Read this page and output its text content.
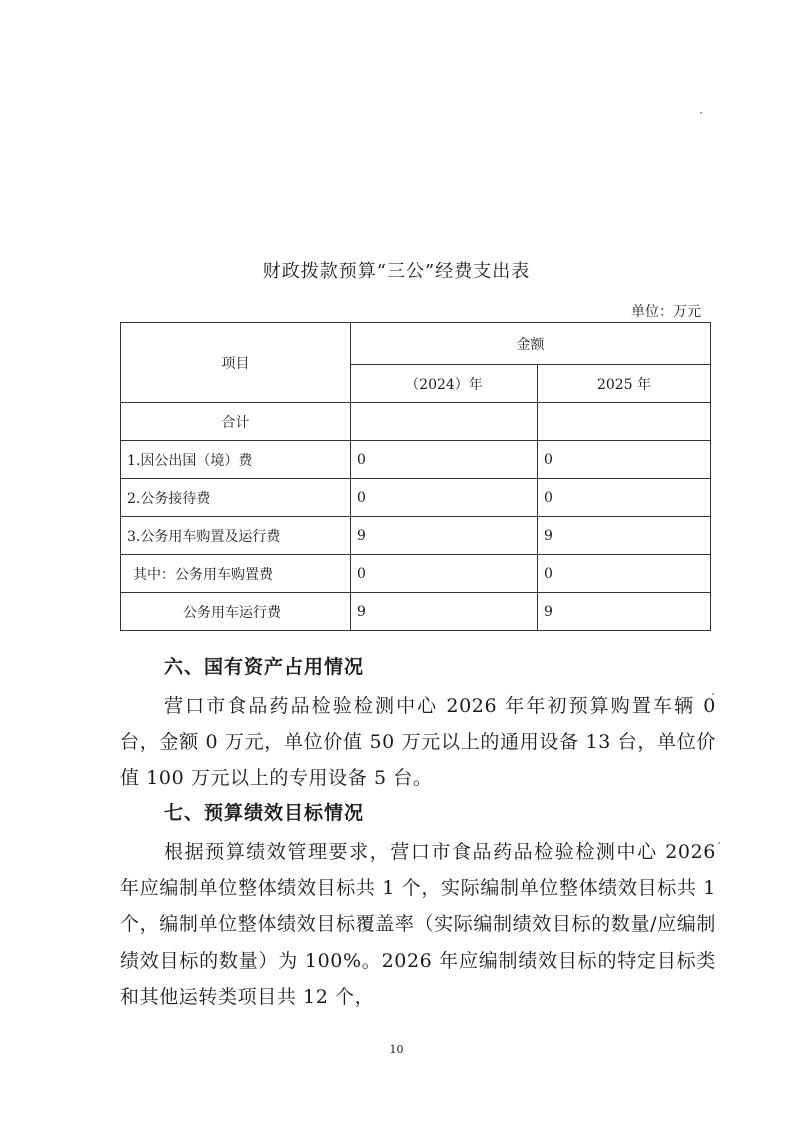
财政拨款预算“三公”经费支出表
单位：万元
项目	金额	
	（2024）年	2025 年
合计		
1.因公出国（境）费	0	0
2.公务接待费	0	0
3.公务用车购置及运行费	9	9
其中：公务用车购置费	0	0
公务用车运行费	9	9
六、国有资产占用情况
营口市食品药品检验检测中心 2026 年年初预算购置车辆 0 台，金额 0 万元，单位价值 50 万元以上的通用设备 13 台，单位价值 100 万元以上的专用设备 5 台。
七、预算绩效目标情况
根据预算绩效管理要求，营口市食品药品检验检测中心 2026 年应编制单位整体绩效目标共 1 个，实际编制单位整体绩效目标共 1 个，编制单位整体绩效目标覆盖率（实际编制绩效目标的数量/应编制绩效目标的数量）为 100%。2026 年应编制绩效目标的特定目标类和其他运转类项目共 12 个，
10
